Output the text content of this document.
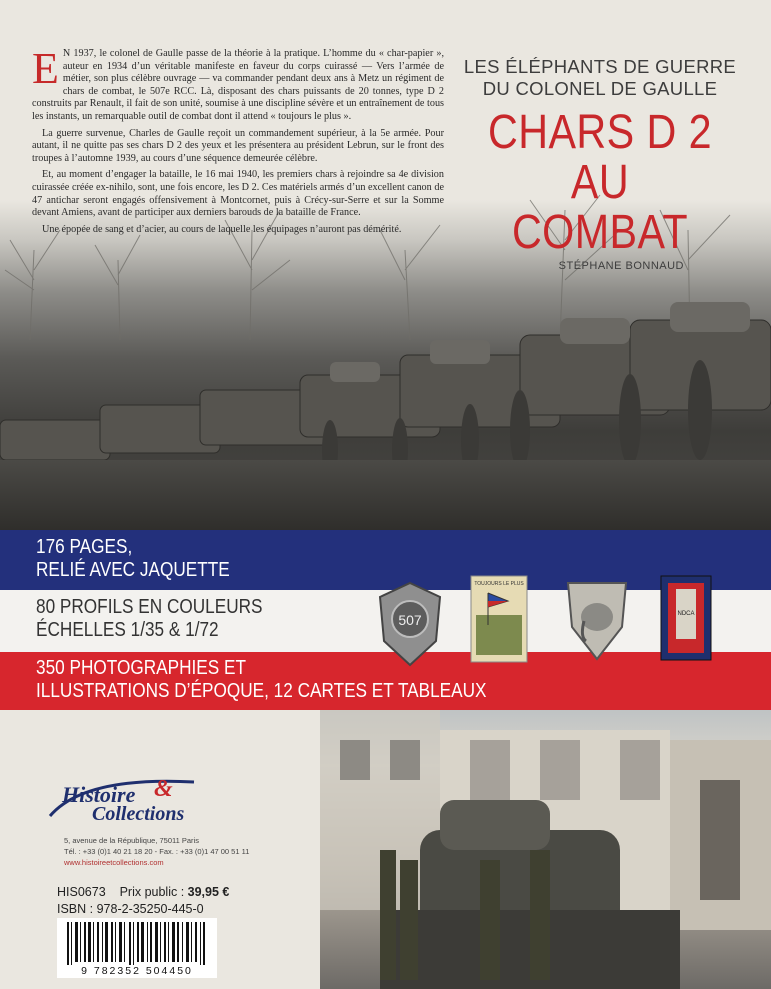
E N 1937, le colonel de Gaulle passe de la théorie à la pratique. L’homme du « char-papier », auteur en 1934 d’un véritable manifeste en faveur du corps cuirassé — Vers l’armée de métier, son plus célèbre ouvrage — va commander pendant deux ans à Metz un régiment de chars de combat, le 507e RCC. Là, disposant des chars puissants de 20 tonnes, type D 2 construits par Renault, il fait de son unité, soumise à une discipline sévère et un entraînement de tous les instants, un remarquable outil de combat dont il attend « toujours le plus ».

La guerre survenue, Charles de Gaulle reçoit un commandement supérieur, à la 5e armée. Pour autant, il ne quitte pas ses chars D 2 des yeux et les présentera au président Lebrun, sur le front des troupes à l’automne 1939, au cours d’une séquence demeurée célèbre.

Et, au moment d’engager la bataille, le 16 mai 1940, les premiers chars à rejoindre sa 4e division cuirassée créée ex-nihilo, sont, une fois encore, les D 2. Ces matériels armés d’un excellent canon de 47 antichar seront engagés offensivement à Montcornet, puis à Crécy-sur-Serre et sur la Somme devant Amiens, avant de participer aux derniers barouds de la bataille de France.

Une épopée de sang et d’acier, au cours de laquelle les équipages n’auront pas démérité.

LES ÉLÉPHANTS DE GUERRE
DU COLONEL DE GAULLE
CHARS D 2
AU COMBAT
STÉPHANE BONNAUD
176 PAGES,
RELIÉ AVEC JAQUETTE
80 PROFILS EN COULEURS
ÉCHELLES 1/35 & 1/72
350 PHOTOGRAPHIES ET
ILLUSTRATIONS D’ÉPOQUE, 12 CARTES ET TABLEAUX
507
TOUJOURS LE PLUS
NDCA
Histoire &
Collections
5, avenue de la République, 75011 Paris
Tél. : +33 (0)1 40 21 18 20 - Fax. : +33 (0)1 47 00 51 11
www.histoireetcollections.com
HIS0673 Prix public : 39,95 €
ISBN : 978-2-35250-445-0
9 782352 504450
